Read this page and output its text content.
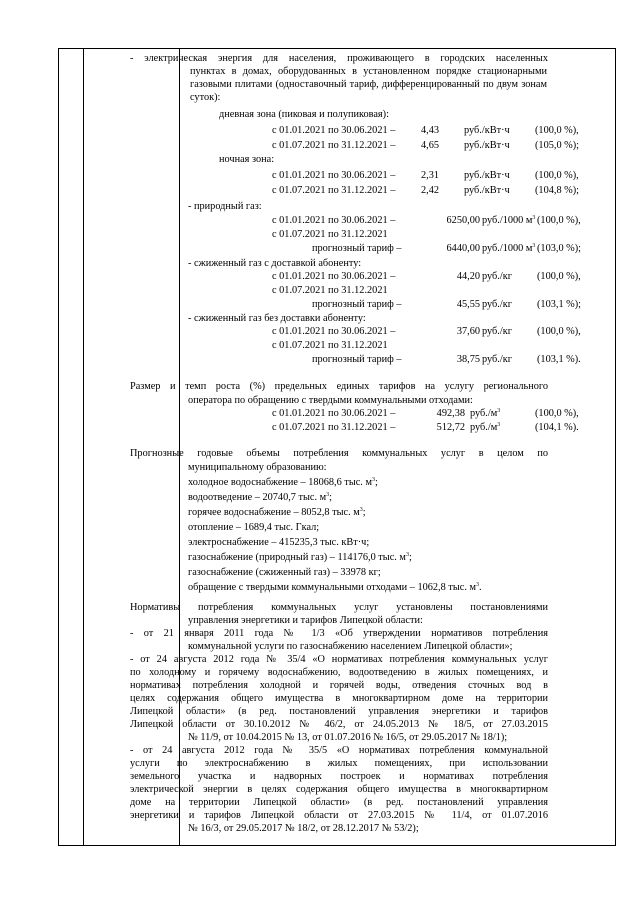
- электрическая энергия для населения, проживающего в городских населенных
пунктах в домах, оборудованных в установленном порядке стационарными
газовыми плитами (одноставочный тариф, дифференцированный по двум зонам
суток):
дневная зона (пиковая и полупиковая):
с 01.01.2021 по 30.06.2021 – 4,43 руб./кВт·ч (100,0 %),
с 01.07.2021 по 31.12.2021 – 4,65 руб./кВт·ч (105,0 %);
ночная зона:
с 01.01.2021 по 30.06.2021 – 2,31 руб./кВт·ч (100,0 %),
с 01.07.2021 по 31.12.2021 – 2,42 руб./кВт·ч (104,8 %);
- природный газ:
с 01.01.2021 по 30.06.2021 –	6250,00 руб./1000 $м^3$ (100,0 %),
с 01.07.2021 по 31.12.2021
прогнозный тариф –	6440,00 руб./1000 $м^3$ (103,0 %);
- сжиженный газ с доставкой абоненту:
с 01.01.2021 по 30.06.2021 –	44,20 руб./кг (100,0 %),
с 01.07.2021 по 31.12.2021
прогнозный тариф –	45,55 руб./кг (103,1 %);
- сжиженный газ без доставки абоненту:
с 01.01.2021 по 30.06.2021 –	37,60 руб./кг (100,0 %),
с 01.07.2021 по 31.12.2021
прогнозный тариф –	38,75 руб./кг (103,1 %).
Размер и темп роста (%) предельных единых тарифов на услугу регионального
оператора по обращению с твердыми коммунальными отходами:
с 01.01.2021 по 30.06.2021 –	492,38 $руб./м^3$	(100,0 %),
с 01.07.2021 по 31.12.2021 –	512,72 $руб./м^3$	(104,1 %).
Прогнозные годовые объемы потребления коммунальных услуг в целом по
муниципальному образованию:
холодное водоснабжение – 18068,6 тыс. $м^3$;
водоотведение – 20740,7 тыс. $м^3$;
горячее водоснабжение – 8052,8 тыс. $м^3$;
отопление – 1689,4 тыс. Гкал;
электроснабжение – 415235,3 тыс. кВт·ч;
газоснабжение (природный газ) – 114176,0 тыс. $м^3$;
газоснабжение (сжиженный газ) – 33978 кг;
обращение с твердыми коммунальными отходами – 1062,8 тыс. $м^3$.
Нормативы потребления коммунальных услуг установлены постановлениями
управления энергетики и тарифов Липецкой области:
- от 21 января 2011 года № 1/3 «Об утверждении нормативов потребления
коммунальной услуги по газоснабжению населением Липецкой области»;
- от 24 августа 2012 года № 35/4 «О нормативах потребления коммунальных услуг
по холодному и горячему водоснабжению, водоотведению в жилых помещениях, и
нормативах потребления холодной и горячей воды, отведения сточных вод в
целях содержания общего имущества в многоквартирном доме на территории
Липецкой области» (в ред. постановлений управления энергетики и тарифов
Липецкой области от 30.10.2012 № 46/2, от 24.05.2013 № 18/5, от 27.03.2015
№ 11/9, от 10.04.2015 № 13, от 01.07.2016 № 16/5, от 29.05.2017 № 18/1);
- от 24 августа 2012 года № 35/5 «О нормативах потребления коммунальной
услуги по электроснабжению в жилых помещениях, при использовании
земельного участка и надворных построек и нормативах потребления
электрической энергии в целях содержания общего имущества в многоквартирном
доме на территории Липецкой области» (в ред. постановлений управления
энергетики и тарифов Липецкой области от 27.03.2015 № 11/4, от 01.07.2016
№ 16/3, от 29.05.2017 № 18/2, от 28.12.2017 № 53/2);
